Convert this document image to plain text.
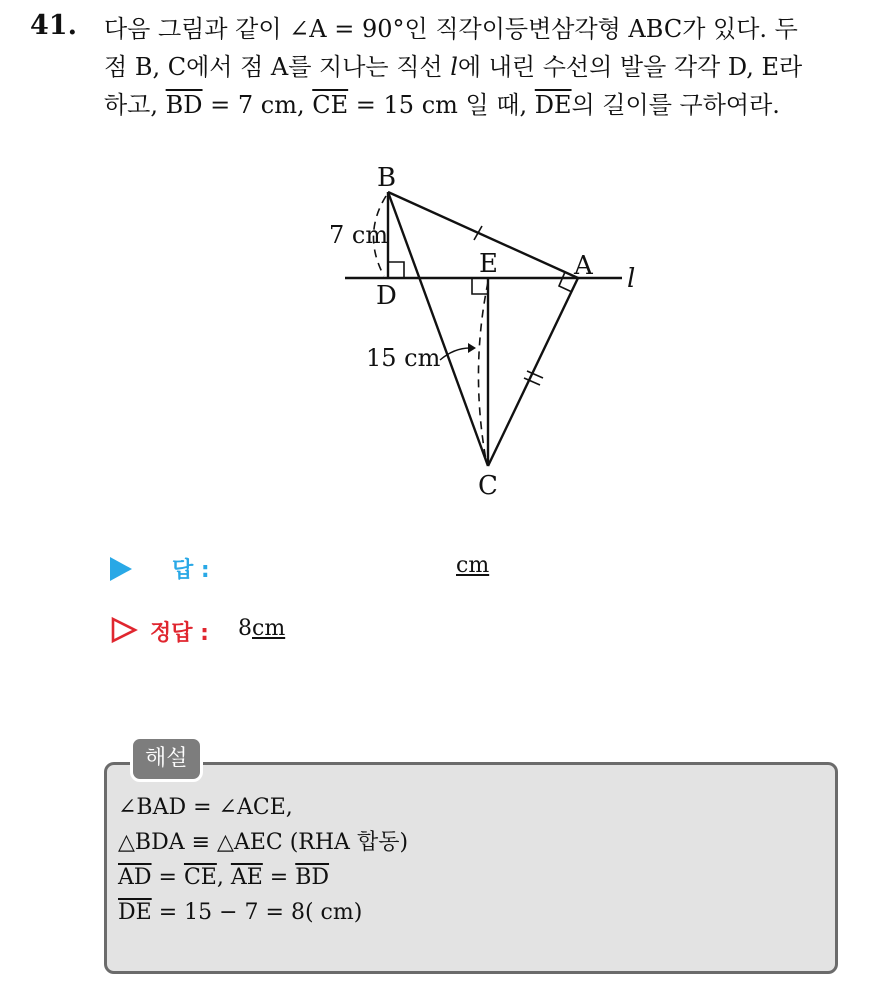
41. 다음 그림과 같이 ∠A = 90°인 직각이등변삼각형 ABC가 있다. 두
점 B, C에서 점 A를 지나는 직선 l에 내린 수선의 발을 각각 D, E라
하고, $\overline{BD} = 7$ cm, $\overline{CE} = 15$ cm 일 때, $\overline{DE}$의 길이를 구하여라.
B
A
C
D
E	l
7 cm
15 cm
답 :	cm
정답 : 8cm
해설
∠BAD = ∠ACE,
△BDA ≡ △AEC (RHA 합동)
$\overline{AD} = \overline{CE}$, $\overline{AE} = \overline{BD}$
$\overline{DE} = 15 - 7 = 8$( cm)
